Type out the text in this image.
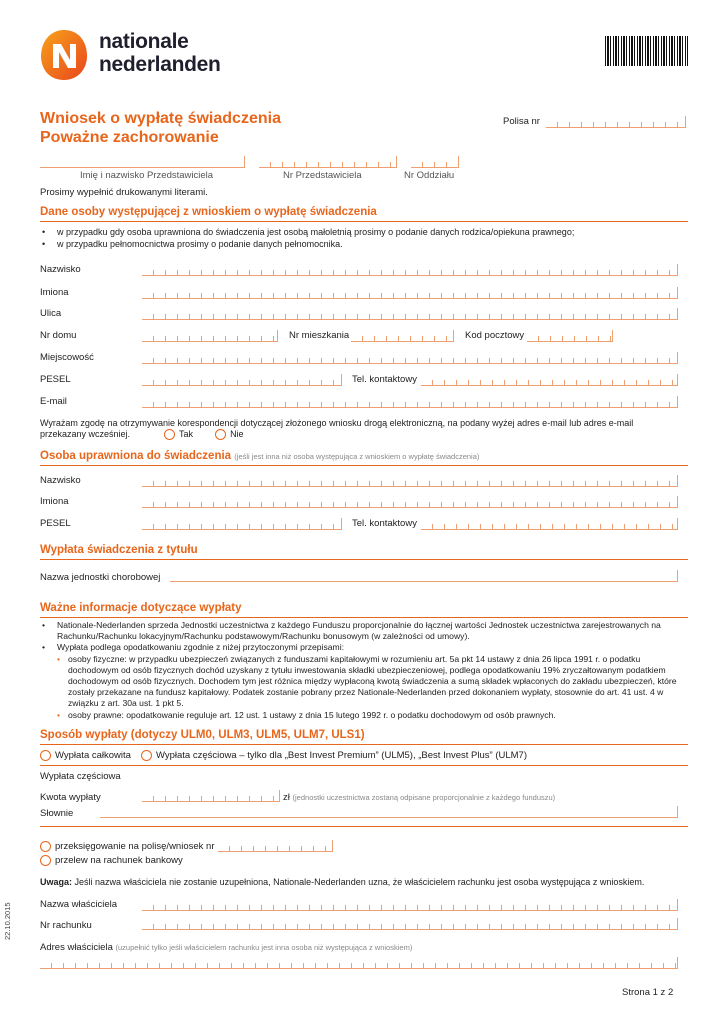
nationale
nederlanden
Wniosek o wypłatę świadczenia
Poważne zachorowanie
Polisa nr
Imię i nazwisko Przedstawiciela	Nr Przedstawiciela	Nr Oddziału
Prosimy wypełnić drukowanymi literami.
Dane osoby występującej z wnioskiem o wypłatę świadczenia
• w przypadku gdy osoba uprawniona do świadczenia jest osobą małoletnią prosimy o podanie danych rodzica/opiekuna prawnego;
• w przypadku pełnomocnictwa prosimy o podanie danych pełnomocnika.
Nazwisko
Imiona
Ulica
Nr domu	Nr mieszkania	Kod pocztowy
Miejscowość
PESEL	Tel. kontaktowy
E-mail
Wyrażam zgodę na otrzymywanie korespondencji dotyczącej złożonego wniosku drogą elektroniczną, na podany wyżej adres e-mail lub adres e-mail
przekazany wcześniej.	Tak	Nie
Osoba uprawniona do świadczenia (jeśli jest inna niż osoba występująca z wnioskiem o wypłatę świadczenia)
Nazwisko
Imiona
PESEL	Tel. kontaktowy
Wypłata świadczenia z tytułu
Nazwa jednostki chorobowej
Ważne informacje dotyczące wypłaty
• Nationale-Nederlanden sprzeda Jednostki uczestnictwa z każdego Funduszu proporcjonalnie do łącznej wartości Jednostek uczestnictwa zarejestrowanych na Rachunku/Rachunku lokacyjnym/Rachunku podstawowym/Rachunku bonusowym (w zależności od umowy).
• Wypłata podlega opodatkowaniu zgodnie z niżej przytoczonymi przepisami:
• osoby fizyczne: w przypadku ubezpieczeń związanych z funduszami kapitałowymi w rozumieniu art. 5a pkt 14 ustawy z dnia 26 lipca 1991 r. o podatku dochodowym od osób fizycznych dochód uzyskany z tytułu inwestowania składki ubezpieczeniowej, podlega opodatkowaniu 19% zryczałtowanym podatkiem dochodowym od osób fizycznych. Dochodem tym jest różnica między wypłaconą kwotą świadczenia a sumą składek wpłaconych do zakładu ubezpieczeń, które zostały przekazane na fundusz kapitałowy. Podatek zostanie pobrany przez Nationale-Nederlanden przed dokonaniem wypłaty, stosownie do art. 41 ust. 4 w związku z art. 30a ust. 1 pkt 5.
• osoby prawne: opodatkowanie reguluje art. 12 ust. 1 ustawy z dnia 15 lutego 1992 r. o podatku dochodowym od osób prawnych.
Sposób wypłaty (dotyczy ULM0, ULM3, ULM5, ULM7, ULS1)
Wypłata całkowita	Wypłata częściowa – tylko dla „Best Invest Premium” (ULM5), „Best Invest Plus” (ULM7)
Wypłata częściowa
Kwota wypłaty	zł (jednostki uczestnictwa zostaną odpisane proporcjonalnie z każdego funduszu)
Słownie
przeksięgowanie na polisę/wniosek nr
przelew na rachunek bankowy
Uwaga: Jeśli nazwa właściciela nie zostanie uzupełniona, Nationale-Nederlanden uzna, że właścicielem rachunku jest osoba występująca z wnioskiem.
Nazwa właściciela
Nr rachunku
Adres właściciela (uzupełnić tylko jeśli właścicielem rachunku jest inna osoba niż występująca z wnioskiem)
22.10.2015
Strona 1 z 2
